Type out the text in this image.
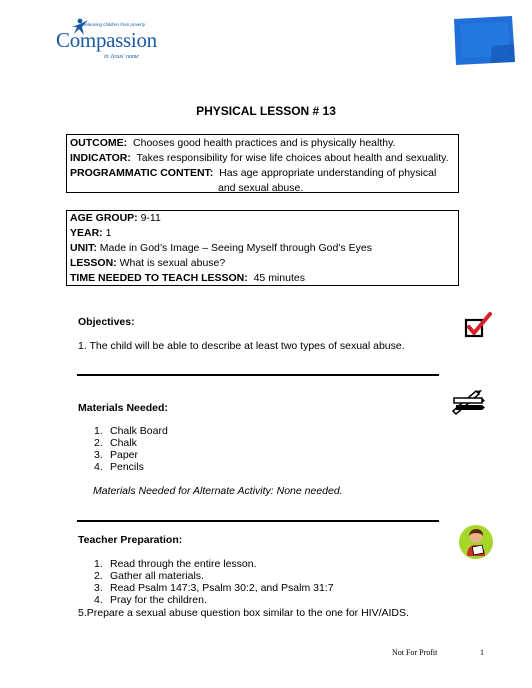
Releasing children from poverty
Compassion
in Jesus' name
PHYSICAL LESSON # 13
OUTCOME: Chooses good health practices and is physically healthy.
INDICATOR: Takes responsibility for wise life choices about health and sexuality.
PROGRAMMATIC CONTENT: Has age appropriate understanding of physical
and sexual abuse.
AGE GROUP: 9-11
YEAR: 1
UNIT: Made in God’s Image – Seeing Myself through God’s Eyes
LESSON: What is sexual abuse?
TIME NEEDED TO TEACH LESSON: 45 minutes
Objectives:
1. The child will be able to describe at least two types of sexual abuse.
Materials Needed:
1. Chalk Board
2. Chalk
3. Paper
4. Pencils
Materials Needed for Alternate Activity: None needed.
Teacher Preparation:
1. Read through the entire lesson.
2. Gather all materials.
3. Read Psalm 147:3, Psalm 30:2, and Psalm 31:7
4. Pray for the children.
5.Prepare a sexual abuse question box similar to the one for HIV/AIDS.
Not For Profit	1
